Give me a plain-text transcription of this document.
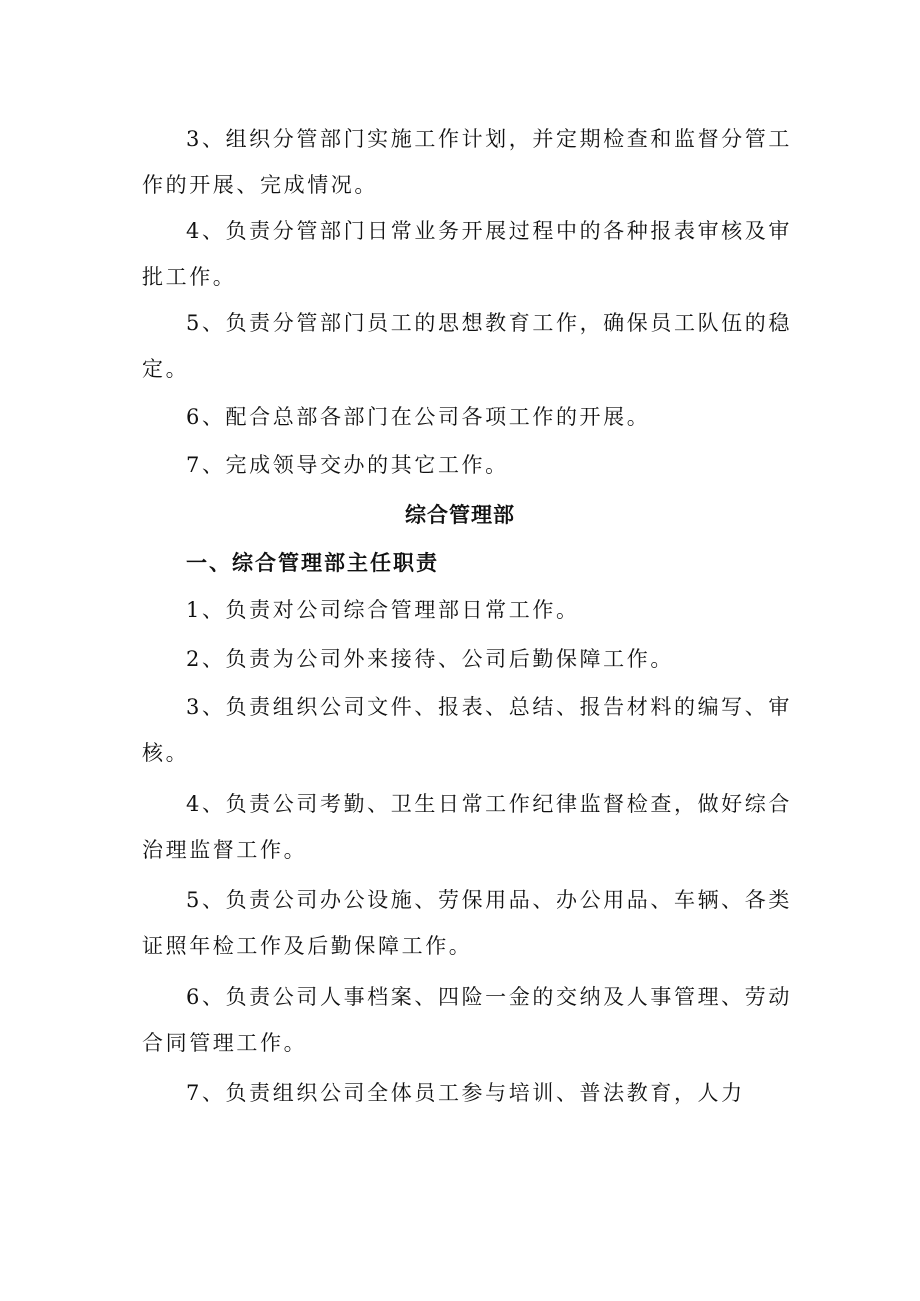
3、组织分管部门实施工作计划，并定期检查和监督分管工作的开展、完成情况。

4、负责分管部门日常业务开展过程中的各种报表审核及审批工作。

5、负责分管部门员工的思想教育工作，确保员工队伍的稳定。

6、配合总部各部门在公司各项工作的开展。

7、完成领导交办的其它工作。

综合管理部
一、综合管理部主任职责

1、负责对公司综合管理部日常工作。

2、负责为公司外来接待、公司后勤保障工作。

3、负责组织公司文件、报表、总结、报告材料的编写、审核。

4、负责公司考勤、卫生日常工作纪律监督检查，做好综合治理监督工作。

5、负责公司办公设施、劳保用品、办公用品、车辆、各类证照年检工作及后勤保障工作。

6、负责公司人事档案、四险一金的交纳及人事管理、劳动合同管理工作。

7、负责组织公司全体员工参与培训、普法教育，人力
